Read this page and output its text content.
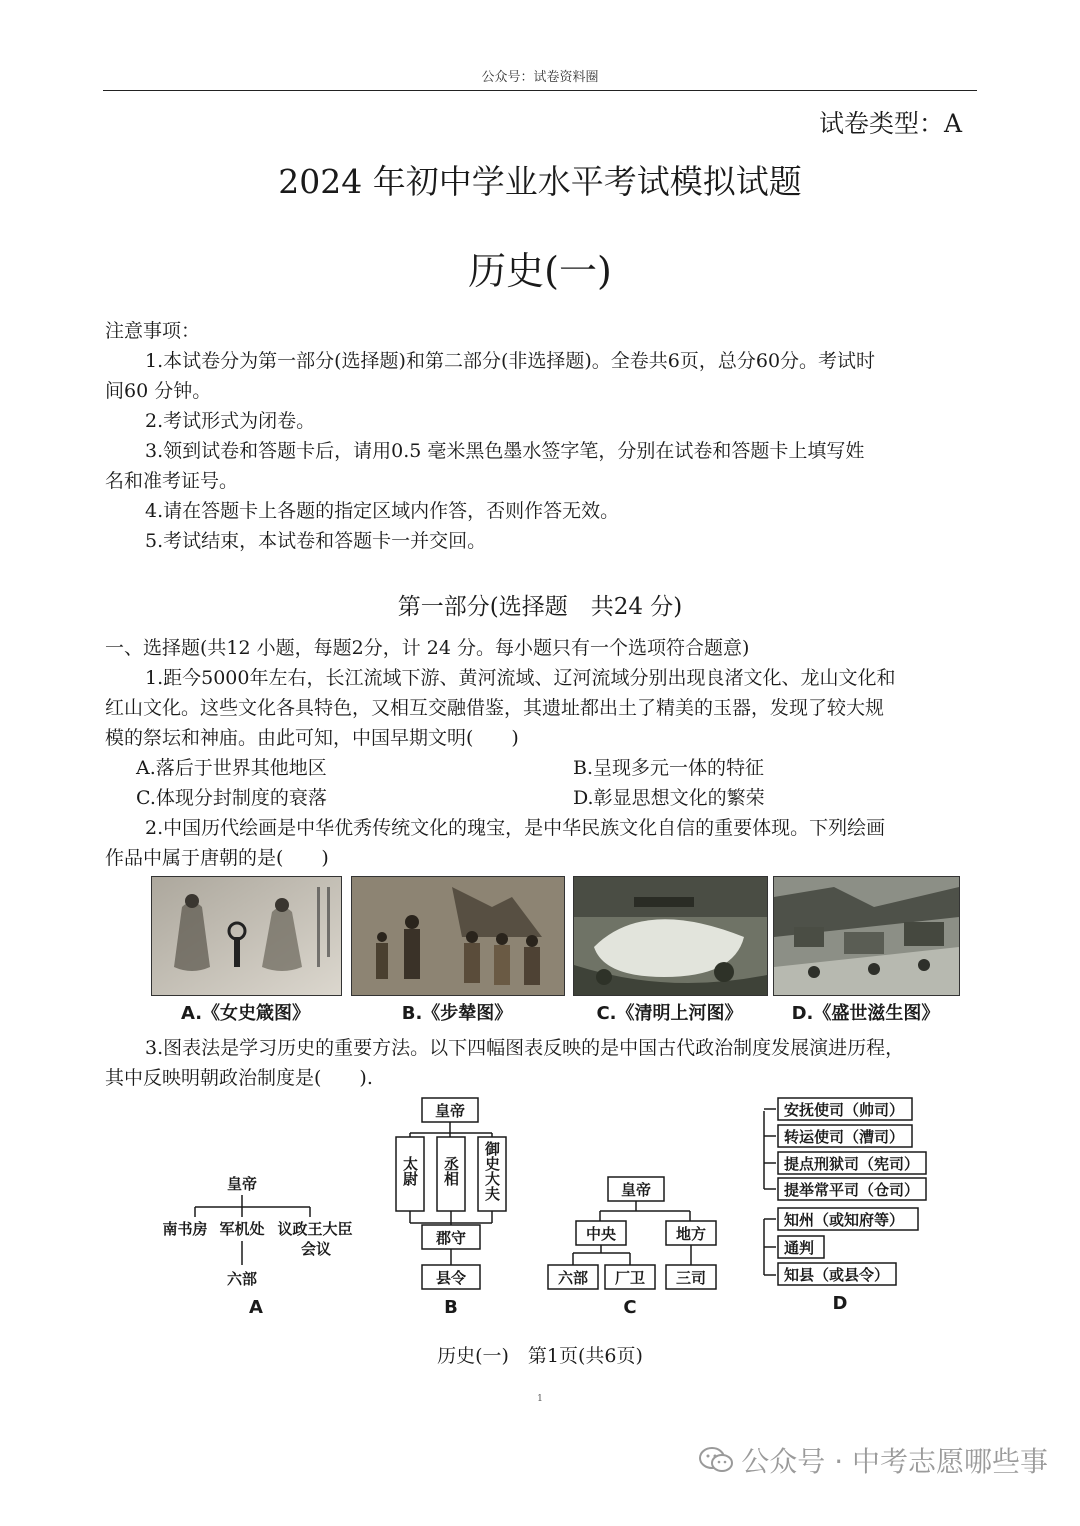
公众号：试卷资料圈
试卷类型：A
2024 年初中学业水平考试模拟试题
历史(一)
注意事项：
1.本试卷分为第一部分(选择题)和第二部分(非选择题)。全卷共6页，总分60分。考试时
间60 分钟。
2.考试形式为闭卷。
3.领到试卷和答题卡后，请用0.5 毫米黑色墨水签字笔，分别在试卷和答题卡上填写姓
名和准考证号。
4.请在答题卡上各题的指定区域内作答，否则作答无效。
5.考试结束，本试卷和答题卡一并交回。
第一部分(选择题　共24 分)
一、选择题(共12 小题，每题2分，计 24 分。每小题只有一个选项符合题意)
1.距今5000年左右，长江流域下游、黄河流域、辽河流域分别出现良渚文化、龙山文化和
红山文化。这些文化各具特色，又相互交融借鉴，其遗址都出土了精美的玉器，发现了较大规
模的祭坛和神庙。由此可知，中国早期文明(　　)
A.落后于世界其他地区	B.呈现多元一体的特征
C.体现分封制度的衰落	D.彰显思想文化的繁荣
2.中国历代绘画是中华优秀传统文化的瑰宝，是中华民族文化自信的重要体现。下列绘画
作品中属于唐朝的是(　　)
A.《女史箴图》	B.《步辇图》	C.《清明上河图》	D.《盛世滋生图》
3.图表法是学习历史的重要方法。以下四幅图表反映的是中国古代政治制度发展演进历程，
其中反映明朝政治制度是(　　).
皇帝
南书房 军机处 议政王大臣
会议
六部
A
皇帝
太尉 丞相 御史大夫
郡守
县令
B
皇帝
中央	地方
六部 厂卫 三司
C
安抚使司（帅司）
转运使司（漕司）
提点刑狱司（宪司）
提举常平司（仓司）
知州（或知府等）
通判
知县（或县令）
D
历史(一)　第1页(共6页)
1
公众号 · 中考志愿哪些事
